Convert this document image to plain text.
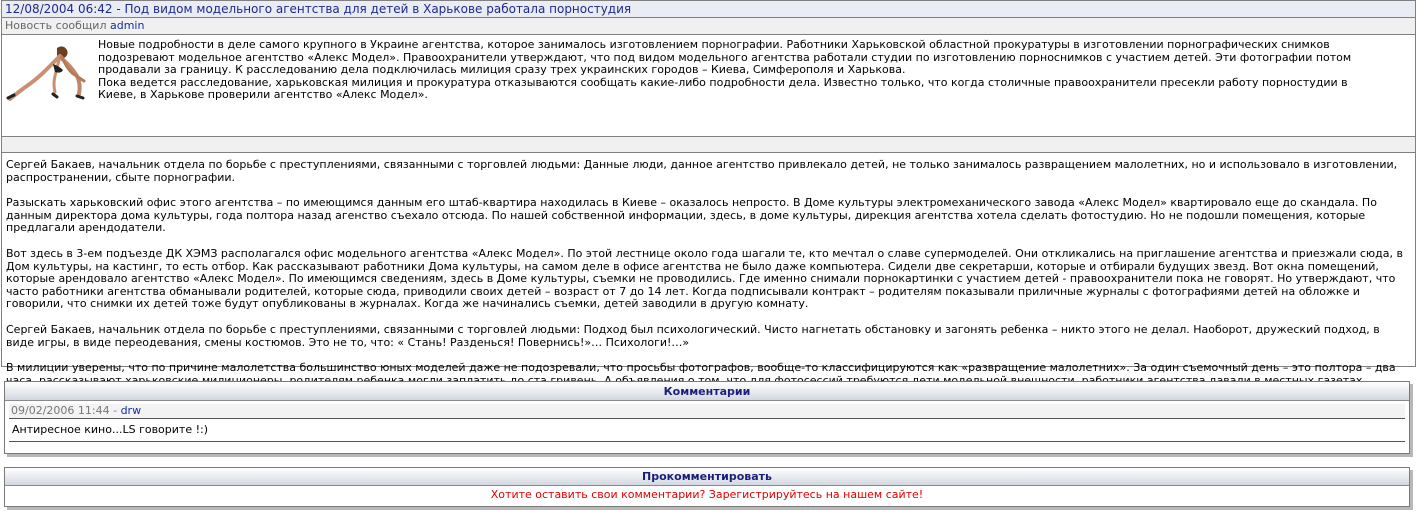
12/08/2004 06:42 - Под видом модельного агентства для детей в Харькове работала порностудия
Новость сообщил admin
Новые подробности в деле самого крупного в Украине агентства, которое занималось изготовлением порнографии. Работники Харьковской областной прокуратуры в изготовлении порнографических снимков подозревают модельное агентство «Алекс Модел». Правоохранители утверждают, что под видом модельного агентства работали студии по изготовлению порноснимков с участием детей. Эти фотографии потом продавали за границу. К расследованию дела подключилась милиция сразу трех украинских городов – Киева, Симферополя и Харькова.
Пока ведется расследование, харьковская милиция и прокуратура отказываются сообщать какие-либо подробности дела. Известно только, что когда столичные правоохранители пресекли работу порностудии в Киеве, в Харькове проверили агентство «Алекс Модел».

Сергей Бакаев, начальник отдела по борьбе с преступлениями, связанными с торговлей людьми: Данные люди, данное агентство привлекало детей, не только занималось развращением малолетних, но и использовало в изготовлении, распространении, сбыте порнографии.

Разыскать харьковский офис этого агентства – по имеющимся данным его штаб-квартира находилась в Киеве – оказалось непросто. В Доме культуры электромеханического завода «Алекс Модел» квартировало еще до скандала. По данным директора дома культуры, года полтора назад агенство съехало отсюда. По нашей собственной информации, здесь, в доме культуры, дирекция агентства хотела сделать фотостудию. Но не подошли помещения, которые предлагали арендодатели.

Вот здесь в 3-ем подъезде ДК ХЭМЗ располагался офис модельного агентства «Алекс Модел». По этой лестнице около года шагали те, кто мечтал о славе супермоделей. Они откликались на приглашение агентства и приезжали сюда, в Дом культуры, на кастинг, то есть отбор. Как рассказывают работники Дома культуры, на самом деле в офисе агентства не было даже компьютера. Сидели две секретарши, которые и отбирали будущих звезд. Вот окна помещений, которые арендовало агентство «Алекс Модел». По имеющимся сведениям, здесь в Доме культуры, съемки не проводились. Где именно снимали порнокартинки с участием детей - правоохранители пока не говорят. Но утверждают, что часто работники агентства обманывали родителей, которые сюда, приводили своих детей – возраст от 7 до 14 лет. Когда подписывали контракт – родителям показывали приличные журналы с фотографиями детей на обложке и говорили, что снимки их детей тоже будут опубликованы в журналах. Когда же начинались съемки, детей заводили в другую комнату.

Сергей Бакаев, начальник отдела по борьбе с преступлениями, связанными с торговлей людьми: Подход был психологический. Чисто нагнетать обстановку и загонять ребенка – никто этого не делал. Наоборот, дружеский подход, в виде игры, в виде переодевания, смены костюмов. Это не то, что: « Стань! Разденься! Повернись!»… Психологи!…»

В милиции уверены, что по причине малолетства большинство юных моделей даже не подозревали, что просьбы фотографов, вообще-то классифицируются как «развращение малолетних». За один съемочный день – это полтора – два

Комментарии
09/02/2006 11:44 - drw
Антиресное кино...LS говорите !:)
Прокомментировать
Хотите оставить свои комментарии? Зарегистрируйтесь на нашем сайте!
